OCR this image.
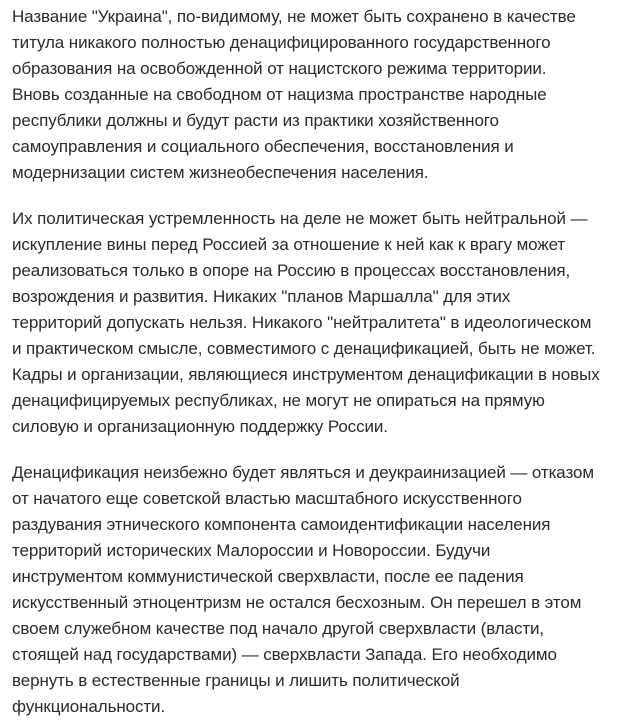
Название "Украина", по-видимому, не может быть сохранено в качестве
титула никакого полностью денацифицированного государственного
образования на освобожденной от нацистского режима территории.
Вновь созданные на свободном от нацизма пространстве народные
республики должны и будут расти из практики хозяйственного
самоуправления и социального обеспечения, восстановления и
модернизации систем жизнеобеспечения населения.

Их политическая устремленность на деле не может быть нейтральной —
искупление вины перед Россией за отношение к ней как к врагу может
реализоваться только в опоре на Россию в процессах восстановления,
возрождения и развития. Никаких "планов Маршалла" для этих
территорий допускать нельзя. Никакого "нейтралитета" в идеологическом
и практическом смысле, совместимого с денацификацией, быть не может.
Кадры и организации, являющиеся инструментом денацификации в новых
денацифицируемых республиках, не могут не опираться на прямую
силовую и организационную поддержку России.

Денацификация неизбежно будет являться и деукраинизацией — отказом
от начатого еще советской властью масштабного искусственного
раздувания этнического компонента самоидентификации населения
территорий исторических Малороссии и Новороссии. Будучи
инструментом коммунистической сверхвласти, после ее падения
искусственный этноцентризм не остался бесхозным. Он перешел в этом
своем служебном качестве под начало другой сверхвласти (власти,
стоящей над государствами) — сверхвласти Запада. Его необходимо
вернуть в естественные границы и лишить политической
функциональности.
